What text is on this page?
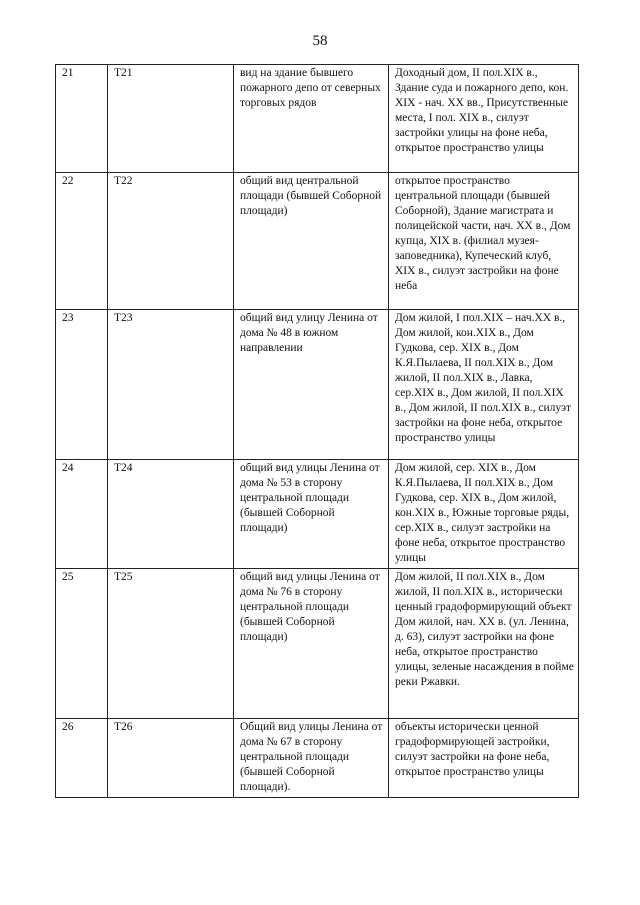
58
21	T21	вид на здание бывшего пожарного депо от северных торговых рядов	Доходный дом, II пол.XIX в., Здание суда и пожарного депо, кон. XIX - нач. XX вв., Присутственные места, I пол. XIX в., силуэт застройки улицы на фоне неба, открытое пространство улицы
22	T22	общий вид центральной площади (бывшей Соборной площади)	открытое пространство центральной площади (бывшей Соборной), Здание магистрата и полицейской части, нач. XX в., Дом купца, XIX в. (филиал музея-заповедника), Купеческий клуб, XIX в., силуэт застройки на фоне неба
23	T23	общий вид улицу Ленина от дома № 48 в южном направлении	Дом жилой, I пол.XIX – нач.XX в., Дом жилой, кон.XIX в., Дом Гудкова, сер. XIX в., Дом К.Я.Пылаева, II пол.XIX в., Дом жилой, II пол.XIX в., Лавка, сер.XIX в., Дом жилой, II пол.XIX в., Дом жилой, II пол.XIX в., силуэт застройки на фоне неба, открытое пространство улицы
24	T24	общий вид улицы Ленина от дома № 53 в сторону центральной площади (бывшей Соборной площади)	Дом жилой, сер. XIX в., Дом К.Я.Пылаева, II пол.XIX в., Дом Гудкова, сер. XIX в., Дом жилой, кон.XIX в., Южные торговые ряды, сер.XIX в., силуэт застройки на фоне неба, открытое пространство улицы
25	T25	общий вид улицы Ленина от дома № 76 в сторону центральной площади (бывшей Соборной площади)	Дом жилой, II пол.XIX в., Дом жилой, II пол.XIX в., исторически ценный градоформирующий объект Дом жилой, нач. XX в. (ул. Ленина, д. 63), силуэт застройки на фоне неба, открытое пространство улицы, зеленые насаждения в пойме реки Ржавки.
26	T26	Общий вид улицы Ленина от дома № 67 в сторону центральной площади (бывшей Соборной площади).	объекты исторически ценной градоформирующей застройки, силуэт застройки на фоне неба, открытое пространство улицы
